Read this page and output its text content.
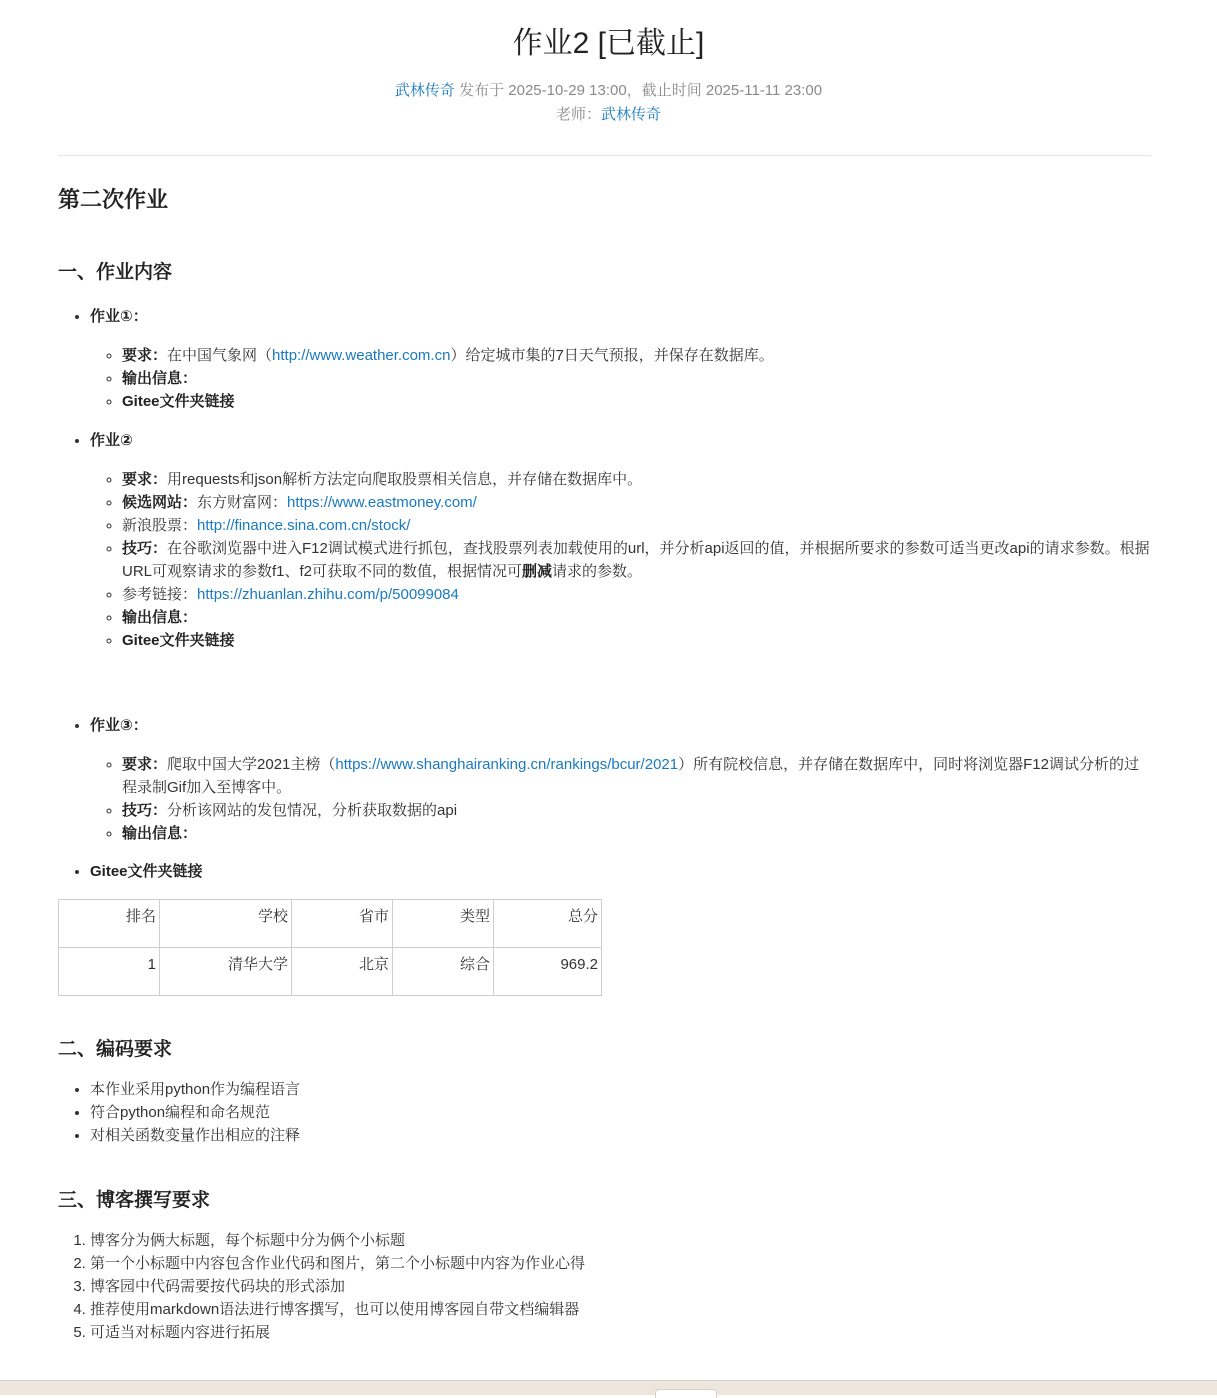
作业2 [已截止]
武林传奇 发布于 2025-10-29 13:00，截止时间 2025-11-11 23:00
老师：武林传奇
第二次作业
一、作业内容
• 作业①：
◦ 要求：在中国气象网（http://www.weather.com.cn）给定城市集的7日天气预报，并保存在数据库。
◦ 输出信息：
◦ Gitee文件夹链接
• 作业②
◦ 要求：用requests和json解析方法定向爬取股票相关信息，并存储在数据库中。
◦ 候选网站：东方财富网：https://www.eastmoney.com/
◦ 新浪股票：http://finance.sina.com.cn/stock/
◦ 技巧：在谷歌浏览器中进入F12调试模式进行抓包，查找股票列表加载使用的url，并分析api返回的值，并根据所要求的参数可适当更改api的请求参数。根据URL可观察请求的参数f1、f2可获取不同的数值，根据情况可删减请求的参数。
◦ 参考链接：https://zhuanlan.zhihu.com/p/50099084
◦ 输出信息：
◦ Gitee文件夹链接
• 作业③：
◦ 要求：爬取中国大学2021主榜（https://www.shanghairanking.cn/rankings/bcur/2021）所有院校信息，并存储在数据库中，同时将浏览器F12调试分析的过程录制Gif加入至博客中。
◦ 技巧：分析该网站的发包情况，分析获取数据的api
◦ 输出信息：
• Gitee文件夹链接
排名	学校	省市	类型	总分
1	清华大学	北京	综合	969.2
二、编码要求
• 本作业采用python作为编程语言
• 符合python编程和命名规范
• 对相关函数变量作出相应的注释
三、博客撰写要求
1. 博客分为俩大标题，每个标题中分为俩个小标题
2. 第一个小标题中内容包含作业代码和图片，第二个小标题中内容为作业心得
3. 博客园中代码需要按代码块的形式添加
4. 推荐使用markdown语法进行博客撰写，也可以使用博客园自带文档编辑器
5. 可适当对标题内容进行拓展
